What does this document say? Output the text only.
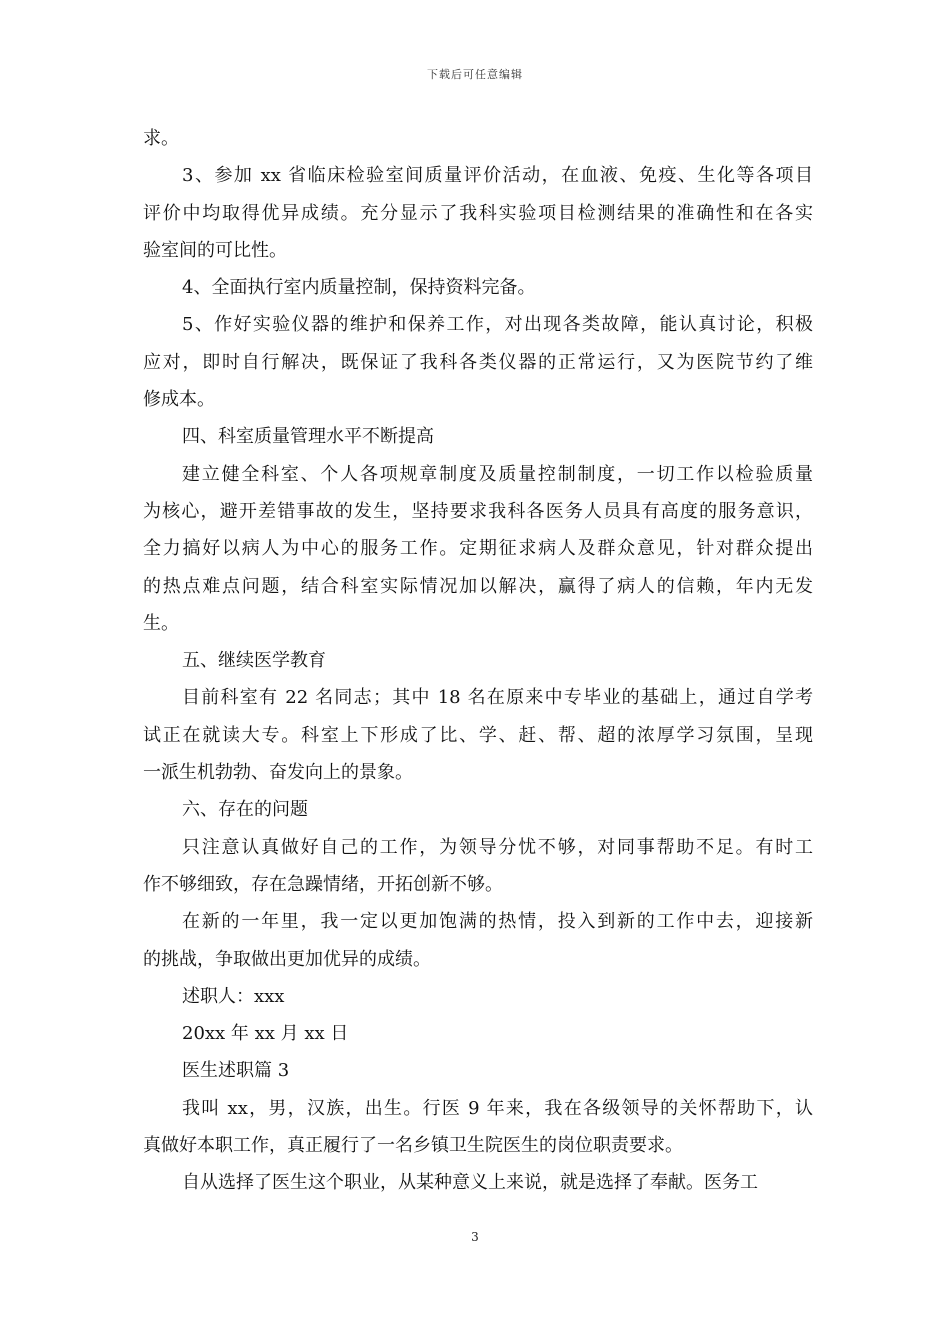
下载后可任意编辑
求。
3、参加 xx 省临床检验室间质量评价活动，在血液、免疫、生化等各项目
评价中均取得优异成绩。充分显示了我科实验项目检测结果的准确性和在各实
验室间的可比性。
4、全面执行室内质量控制，保持资料完备。
5、作好实验仪器的维护和保养工作，对出现各类故障，能认真讨论，积极
应对，即时自行解决，既保证了我科各类仪器的正常运行，又为医院节约了维
修成本。
四、科室质量管理水平不断提高
建立健全科室、个人各项规章制度及质量控制制度，一切工作以检验质量
为核心，避开差错事故的发生，坚持要求我科各医务人员具有高度的服务意识，
全力搞好以病人为中心的服务工作。定期征求病人及群众意见，针对群众提出
的热点难点问题，结合科室实际情况加以解决，赢得了病人的信赖，年内无发
生。
五、继续医学教育
目前科室有 22 名同志；其中 18 名在原来中专毕业的基础上，通过自学考
试正在就读大专。科室上下形成了比、学、赶、帮、超的浓厚学习氛围，呈现
一派生机勃勃、奋发向上的景象。
六、存在的问题
只注意认真做好自己的工作，为领导分忧不够，对同事帮助不足。有时工
作不够细致，存在急躁情绪，开拓创新不够。
在新的一年里，我一定以更加饱满的热情，投入到新的工作中去，迎接新
的挑战，争取做出更加优异的成绩。
述职人：xxx
20xx 年 xx 月 xx 日
医生述职篇 3
我叫 xx，男，汉族，出生。行医 9 年来，我在各级领导的关怀帮助下，认
真做好本职工作，真正履行了一名乡镇卫生院医生的岗位职责要求。
自从选择了医生这个职业，从某种意义上来说，就是选择了奉献。医务工
3
